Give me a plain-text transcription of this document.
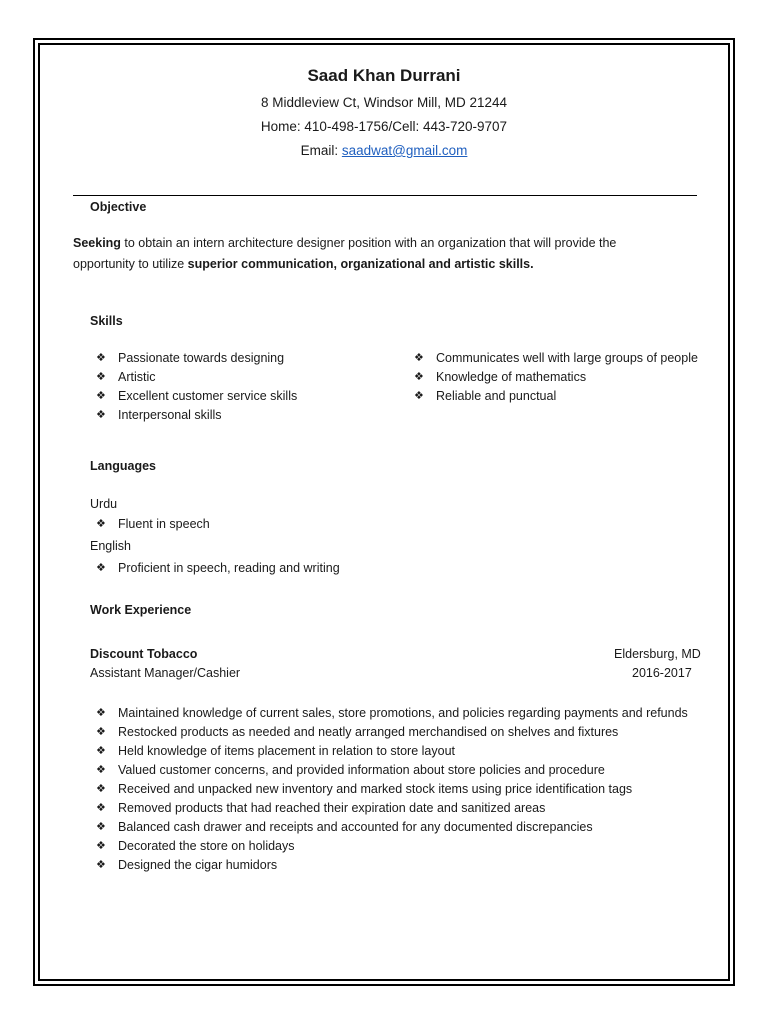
Saad Khan Durrani
8 Middleview Ct, Windsor Mill, MD 21244
Home: 410-498-1756/Cell: 443-720-9707
Email: saadwat@gmail.com
Objective
Seeking to obtain an intern architecture designer position with an organization that will provide the
opportunity to utilize superior communication, organizational and artistic skills.
Skills
❖ Passionate towards designing
❖ Artistic
❖ Excellent customer service skills
❖ Interpersonal skills
❖ Communicates well with large groups of people
❖ Knowledge of mathematics
❖ Reliable and punctual
Languages
Urdu
❖ Fluent in speech
English
❖ Proficient in speech, reading and writing
Work Experience
Discount Tobacco	Eldersburg, MD
Assistant Manager/Cashier	2016-2017
❖ Maintained knowledge of current sales, store promotions, and policies regarding payments and refunds
❖ Restocked products as needed and neatly arranged merchandised on shelves and fixtures
❖ Held knowledge of items placement in relation to store layout
❖ Valued customer concerns, and provided information about store policies and procedure
❖ Received and unpacked new inventory and marked stock items using price identification tags
❖ Removed products that had reached their expiration date and sanitized areas
❖ Balanced cash drawer and receipts and accounted for any documented discrepancies
❖ Decorated the store on holidays
❖ Designed the cigar humidors
